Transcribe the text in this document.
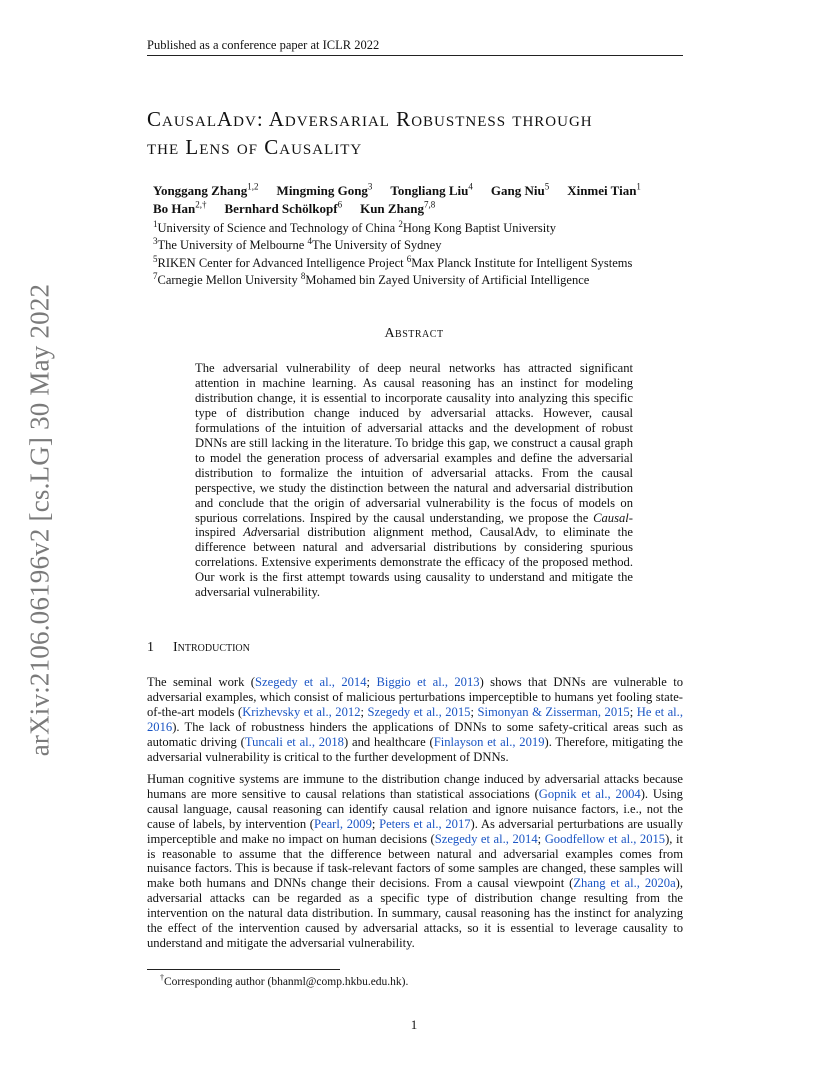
Published as a conference paper at ICLR 2022
arXiv:2106.06196v2 [cs.LG] 30 May 2022
CausalAdv: Adversarial Robustness through
the Lens of Causality
Yonggang Zhang$^{1,2}$ Mingming Gong$^3$ Tongliang Liu$^4$ Gang Niu$^5$ Xinmei Tian$^1$
Bo Han$^{2,\dagger}$ Bernhard Schölkopf$^6$ Kun Zhang$^{7,8}$
$^1$University of Science and Technology of China $^2$Hong Kong Baptist University
$^3$The University of Melbourne $^4$The University of Sydney
$^5$RIKEN Center for Advanced Intelligence Project $^6$Max Planck Institute for Intelligent Systems
$^7$Carnegie Mellon University $^8$Mohamed bin Zayed University of Artificial Intelligence
Abstract
The adversarial vulnerability of deep neural networks has attracted significant attention in machine learning. As causal reasoning has an instinct for modeling distribution change, it is essential to incorporate causality into analyzing this specific type of distribution change induced by adversarial attacks. However, causal formulations of the intuition of adversarial attacks and the development of robust DNNs are still lacking in the literature. To bridge this gap, we construct a causal graph to model the generation process of adversarial examples and define the adversarial distribution to formalize the intuition of adversarial attacks. From the causal perspective, we study the distinction between the natural and adversarial distribution and conclude that the origin of adversarial vulnerability is the focus of models on spurious correlations. Inspired by the causal understanding, we propose the Causal-inspired Adversarial distribution alignment method, CausalAdv, to eliminate the difference between natural and adversarial distributions by considering spurious correlations. Extensive experiments demonstrate the efficacy of the proposed method. Our work is the first attempt towards using causality to understand and mitigate the adversarial vulnerability.
1 Introduction
The seminal work (Szegedy et al., 2014; Biggio et al., 2013) shows that DNNs are vulnerable to adversarial examples, which consist of malicious perturbations imperceptible to humans yet fooling state-of-the-art models (Krizhevsky et al., 2012; Szegedy et al., 2015; Simonyan & Zisserman, 2015; He et al., 2016). The lack of robustness hinders the applications of DNNs to some safety-critical areas such as automatic driving (Tuncali et al., 2018) and healthcare (Finlayson et al., 2019). Therefore, mitigating the adversarial vulnerability is critical to the further development of DNNs.
Human cognitive systems are immune to the distribution change induced by adversarial attacks because humans are more sensitive to causal relations than statistical associations (Gopnik et al., 2004). Using causal language, causal reasoning can identify causal relation and ignore nuisance factors, i.e., not the cause of labels, by intervention (Pearl, 2009; Peters et al., 2017). As adversarial perturbations are usually imperceptible and make no impact on human decisions (Szegedy et al., 2014; Goodfellow et al., 2015), it is reasonable to assume that the difference between natural and adversarial examples comes from nuisance factors. This is because if task-relevant factors of some samples are changed, these samples will make both humans and DNNs change their decisions. From a causal viewpoint (Zhang et al., 2020a), adversarial attacks can be regarded as a specific type of distribution change resulting from the intervention on the natural data distribution. In summary, causal reasoning has the instinct for analyzing the effect of the intervention caused by adversarial attacks, so it is essential to leverage causality to understand and mitigate the adversarial vulnerability.
†Corresponding author (bhanml@comp.hkbu.edu.hk).
1
